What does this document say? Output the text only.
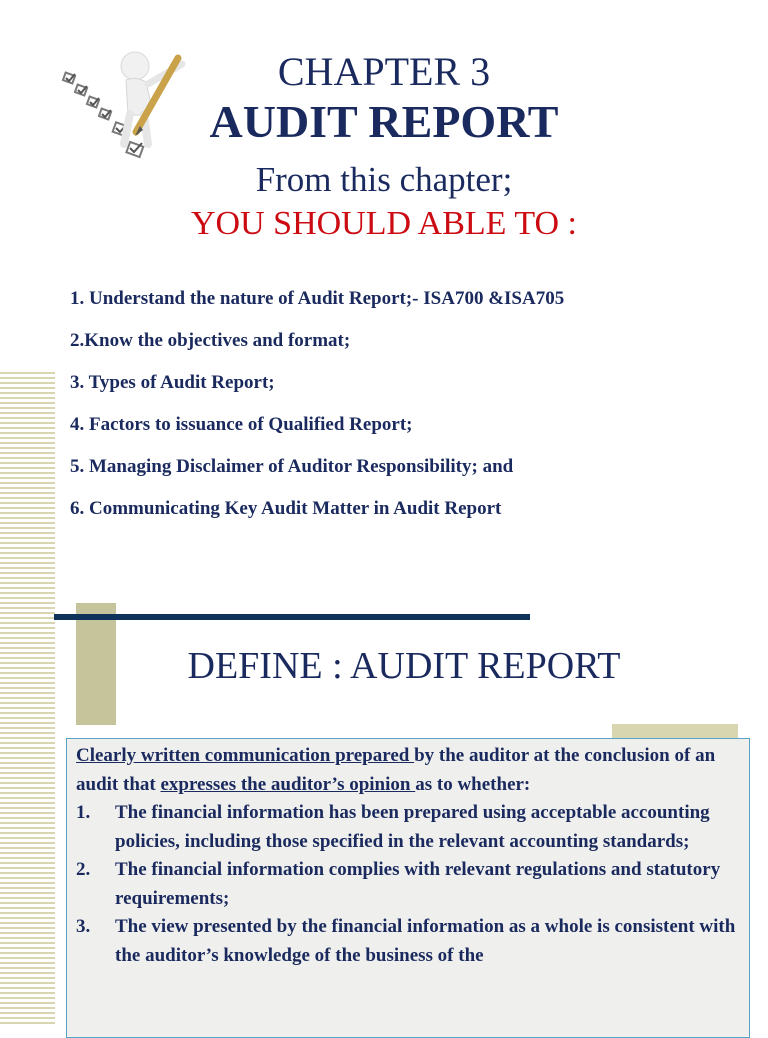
CHAPTER 3
AUDIT REPORT
From this chapter;
YOU SHOULD ABLE TO :
1. Understand the nature of Audit Report;- ISA700 &ISA705
2.Know the objectives and format;
3. Types of Audit Report;
4. Factors to issuance of Qualified Report;
5. Managing Disclaimer of Auditor Responsibility; and
6. Communicating Key Audit Matter in Audit Report
DEFINE : AUDIT REPORT
Clearly written communication prepared by the auditor at the conclusion of an audit that expresses the auditor’s opinion as to whether:
1.	The financial information has been prepared using acceptable accounting policies, including those specified in the relevant accounting standards;
2.	The financial information complies with relevant regulations and statutory requirements;
3.	The view presented by the financial information as a whole is consistent with the auditor’s knowledge of the business of the
